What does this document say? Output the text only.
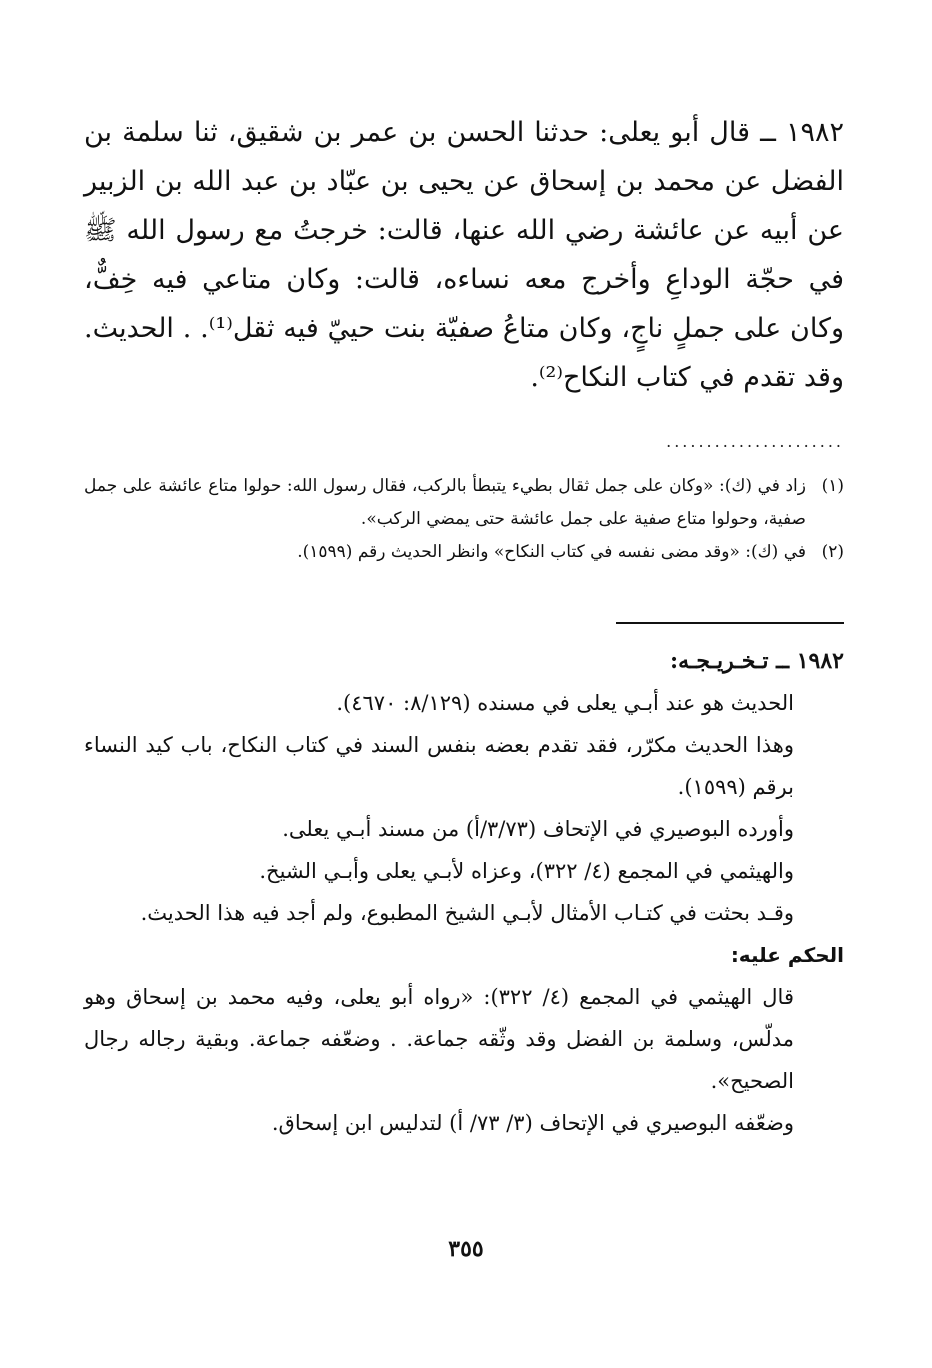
١٩٨٢ ــ قال أبو يعلى: حدثنا الحسن بن عمر بن شقيق، ثنا سلمة بن الفضل عن محمد بن إسحاق عن يحيى بن عبّاد بن عبد الله بن الزبير عن أبيه عن عائشة رضي الله عنها، قالت: خرجتُ مع رسول الله ﷺ في حجّة الوداعِ وأخرج معه نساءه، قالت: وكان متاعي فيه خِفٌّ، وكان على جملٍ ناجٍ، وكان متاعُ صفيّة بنت حييّ فيه ثقل⁽¹⁾. . الحديث. وقد تقدم في كتاب النكاح⁽²⁾.

......................
(١)
زاد في (ك): «وكان على جمل ثقال بطيء يتبطأ بالركب، فقال رسول الله: حولوا متاع عائشة على جمل صفية، وحولوا متاع صفية على جمل عائشة حتى يمضي الركب».
(٢)
في (ك): «وقد مضى نفسه في كتاب النكاح» وانظر الحديث رقم (١٥٩٩).

١٩٨٢ ــ تـخـريـجـه:

الحديث هو عند أبـي يعلى في مسنده (٨/١٢٩: ٤٦٧٠).

وهذا الحديث مكرّر، فقد تقدم بعضه بنفس السند في كتاب النكاح، باب كيد النساء برقم (١٥٩٩).

وأورده البوصيري في الإتحاف (٣/٧٣/أ) من مسند أبـي يعلى.

والهيثمي في المجمع (٤/ ٣٢٢)، وعزاه لأبـي يعلى وأبـي الشيخ.

وقـد بحثت في كتـاب الأمثال لأبـي الشيخ المطبوع، ولم أجد فيه هذا الحديث.

الحكم عليه:

قال الهيثمي في المجمع (٤/ ٣٢٢): «رواه أبو يعلى، وفيه محمد بن إسحاق وهو مدلّس، وسلمة بن الفضل وقد وثّقه جماعة. . وضعّفه جماعة. وبقية رجاله رجال الصحيح».

وضعّفه البوصيري في الإتحاف (٣/ ٧٣/ أ) لتدليس ابن إسحاق.

٣٥٥
